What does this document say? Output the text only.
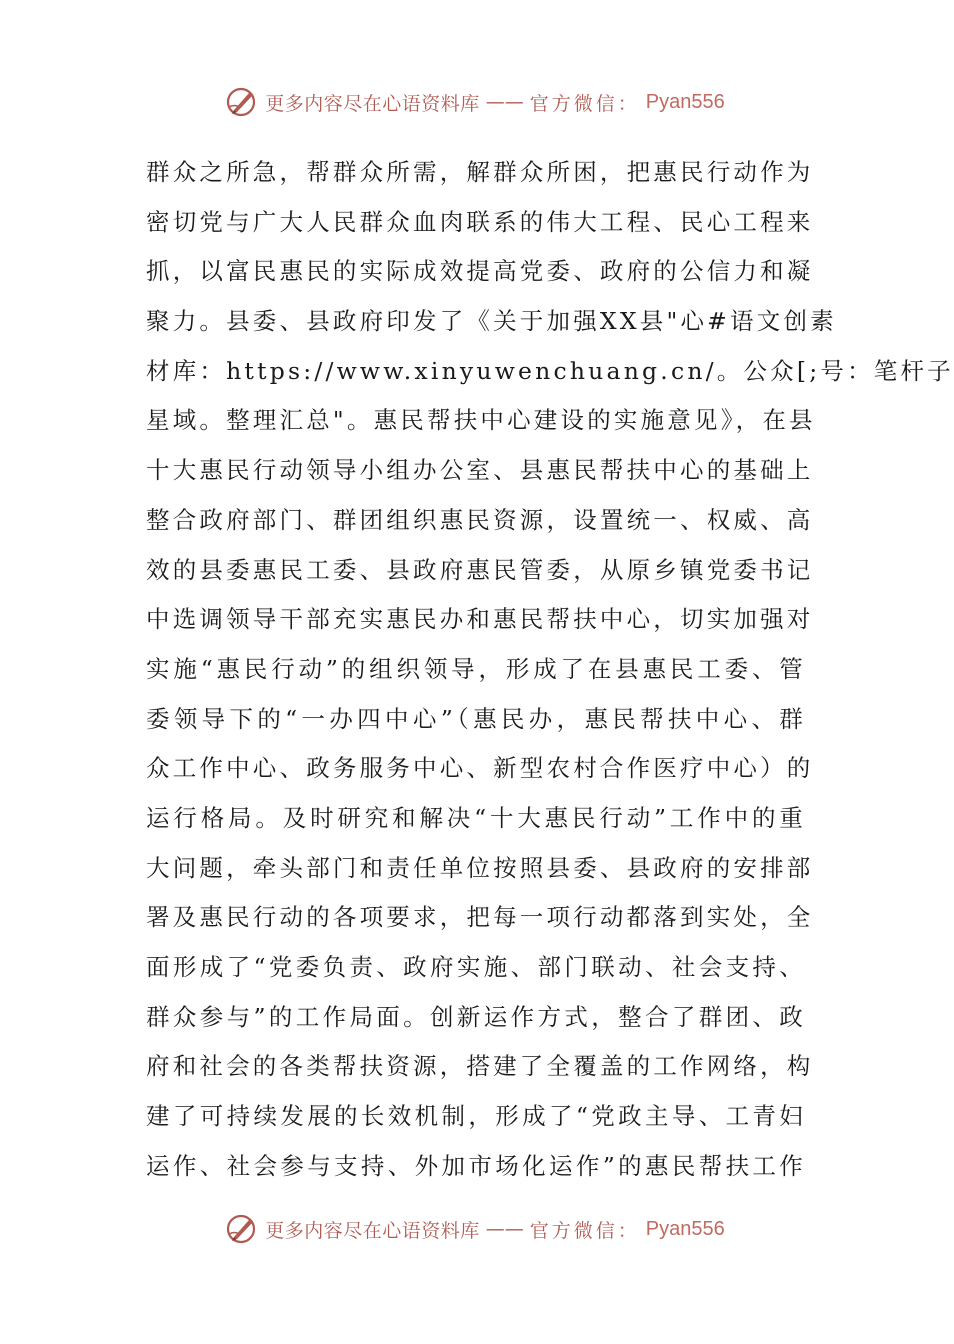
更多内容尽在心语资料库 —— 官方微信： Pyan556
群众之所急，帮群众所需，解群众所困，把惠民行动作为
密切党与广大人民群众血肉联系的伟大工程、民心工程来
抓，以富民惠民的实际成效提高党委、政府的公信力和凝
聚力。县委、县政府印发了《关于加强XX县"心#语文创素
材库：https://www.xinyuwenchuang.cn/。公众[;号：笔杆子
星域。整理汇总"。惠民帮扶中心建设的实施意见》，在县
十大惠民行动领导小组办公室、县惠民帮扶中心的基础上
整合政府部门、群团组织惠民资源，设置统一、权威、高
效的县委惠民工委、县政府惠民管委，从原乡镇党委书记
中选调领导干部充实惠民办和惠民帮扶中心，切实加强对
实施“惠民行动”的组织领导，形成了在县惠民工委、管
委领导下的“一办四中心”（惠民办，惠民帮扶中心、群
众工作中心、政务服务中心、新型农村合作医疗中心）的
运行格局。及时研究和解决“十大惠民行动”工作中的重
大问题，牵头部门和责任单位按照县委、县政府的安排部
署及惠民行动的各项要求，把每一项行动都落到实处，全
面形成了“党委负责、政府实施、部门联动、社会支持、
群众参与”的工作局面。创新运作方式，整合了群团、政
府和社会的各类帮扶资源，搭建了全覆盖的工作网络，构
建了可持续发展的长效机制，形成了“党政主导、工青妇
运作、社会参与支持、外加市场化运作”的惠民帮扶工作
更多内容尽在心语资料库 —— 官方微信： Pyan556
